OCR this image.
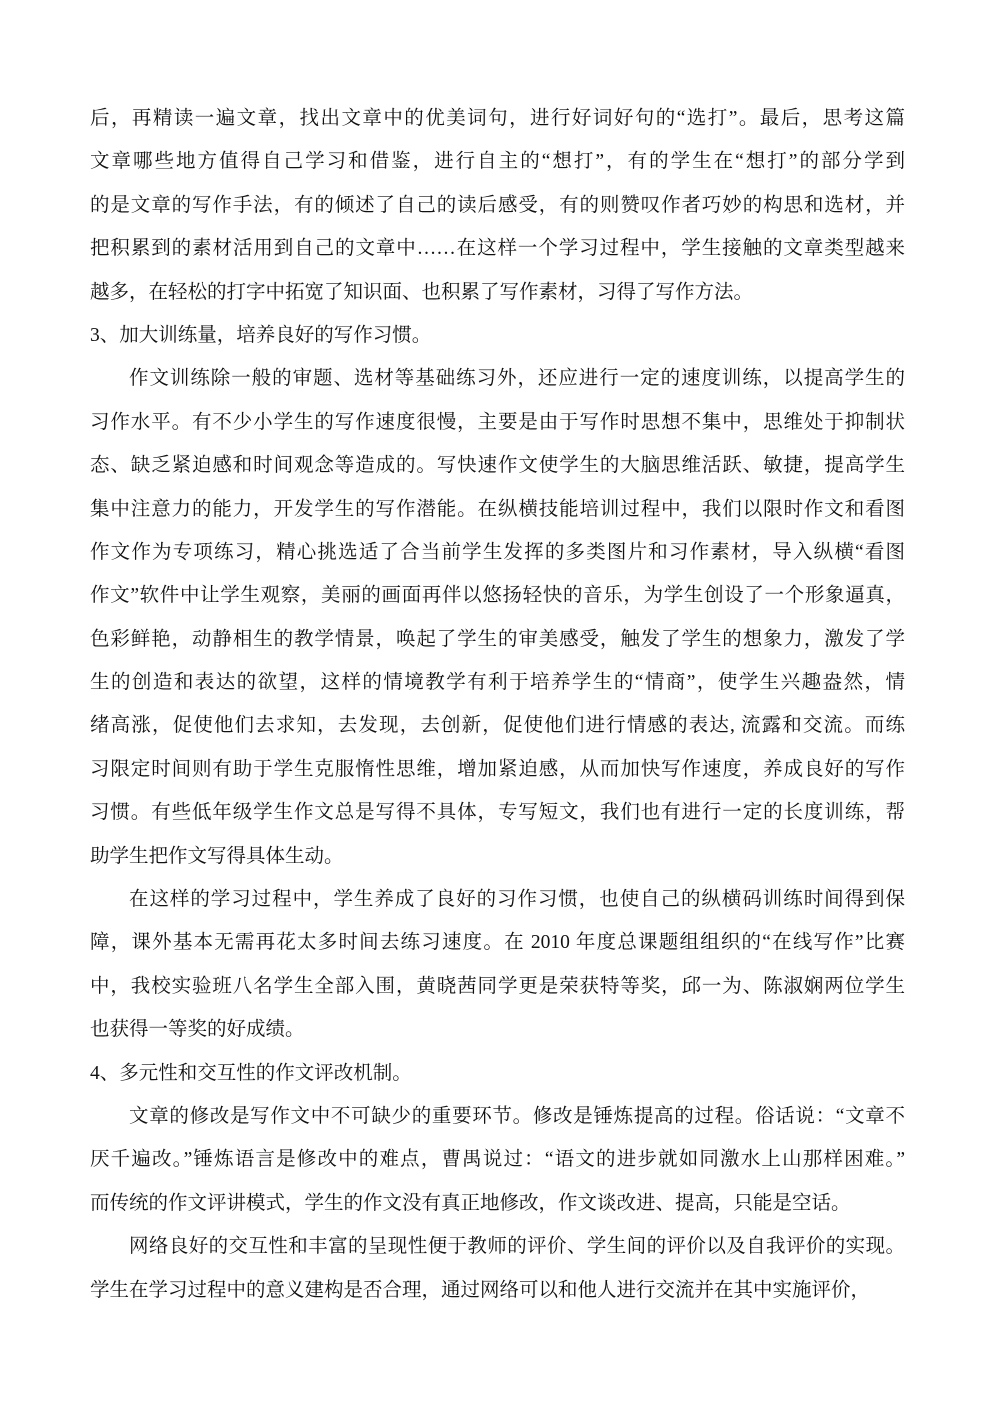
后，再精读一遍文章，找出文章中的优美词句，进行好词好句的“选打”。最后，思考这篇
文章哪些地方值得自己学习和借鉴，进行自主的“想打”，有的学生在“想打”的部分学到
的是文章的写作手法，有的倾述了自己的读后感受，有的则赞叹作者巧妙的构思和选材，并
把积累到的素材活用到自己的文章中……在这样一个学习过程中，学生接触的文章类型越来
越多，在轻松的打字中拓宽了知识面、也积累了写作素材，习得了写作方法。
3、加大训练量，培养良好的写作习惯。
作文训练除一般的审题、选材等基础练习外，还应进行一定的速度训练，以提高学生的
习作水平。有不少小学生的写作速度很慢，主要是由于写作时思想不集中，思维处于抑制状
态、缺乏紧迫感和时间观念等造成的。写快速作文使学生的大脑思维活跃、敏捷，提高学生
集中注意力的能力，开发学生的写作潜能。在纵横技能培训过程中，我们以限时作文和看图
作文作为专项练习，精心挑选适了合当前学生发挥的多类图片和习作素材，导入纵横“看图
作文”软件中让学生观察，美丽的画面再伴以悠扬轻快的音乐，为学生创设了一个形象逼真，
色彩鲜艳，动静相生的教学情景，唤起了学生的审美感受，触发了学生的想象力，激发了学
生的创造和表达的欲望，这样的情境教学有利于培养学生的“情商”，使学生兴趣盎然，情
绪高涨，促使他们去求知，去发现，去创新，促使他们进行情感的表达, 流露和交流。而练
习限定时间则有助于学生克服惰性思维，增加紧迫感，从而加快写作速度，养成良好的写作
习惯。有些低年级学生作文总是写得不具体，专写短文，我们也有进行一定的长度训练，帮
助学生把作文写得具体生动。
在这样的学习过程中，学生养成了良好的习作习惯，也使自己的纵横码训练时间得到保
障，课外基本无需再花太多时间去练习速度。在 2010 年度总课题组组织的“在线写作”比赛
中，我校实验班八名学生全部入围，黄晓茜同学更是荣获特等奖，邱一为、陈淑娴两位学生
也获得一等奖的好成绩。
4、多元性和交互性的作文评改机制。
文章的修改是写作文中不可缺少的重要环节。修改是锤炼提高的过程。俗话说：“文章不
厌千遍改。”锤炼语言是修改中的难点，曹禺说过：“语文的进步就如同激水上山那样困难。”
而传统的作文评讲模式，学生的作文没有真正地修改，作文谈改进、提高，只能是空话。
网络良好的交互性和丰富的呈现性便于教师的评价、学生间的评价以及自我评价的实现。
学生在学习过程中的意义建构是否合理，通过网络可以和他人进行交流并在其中实施评价，
